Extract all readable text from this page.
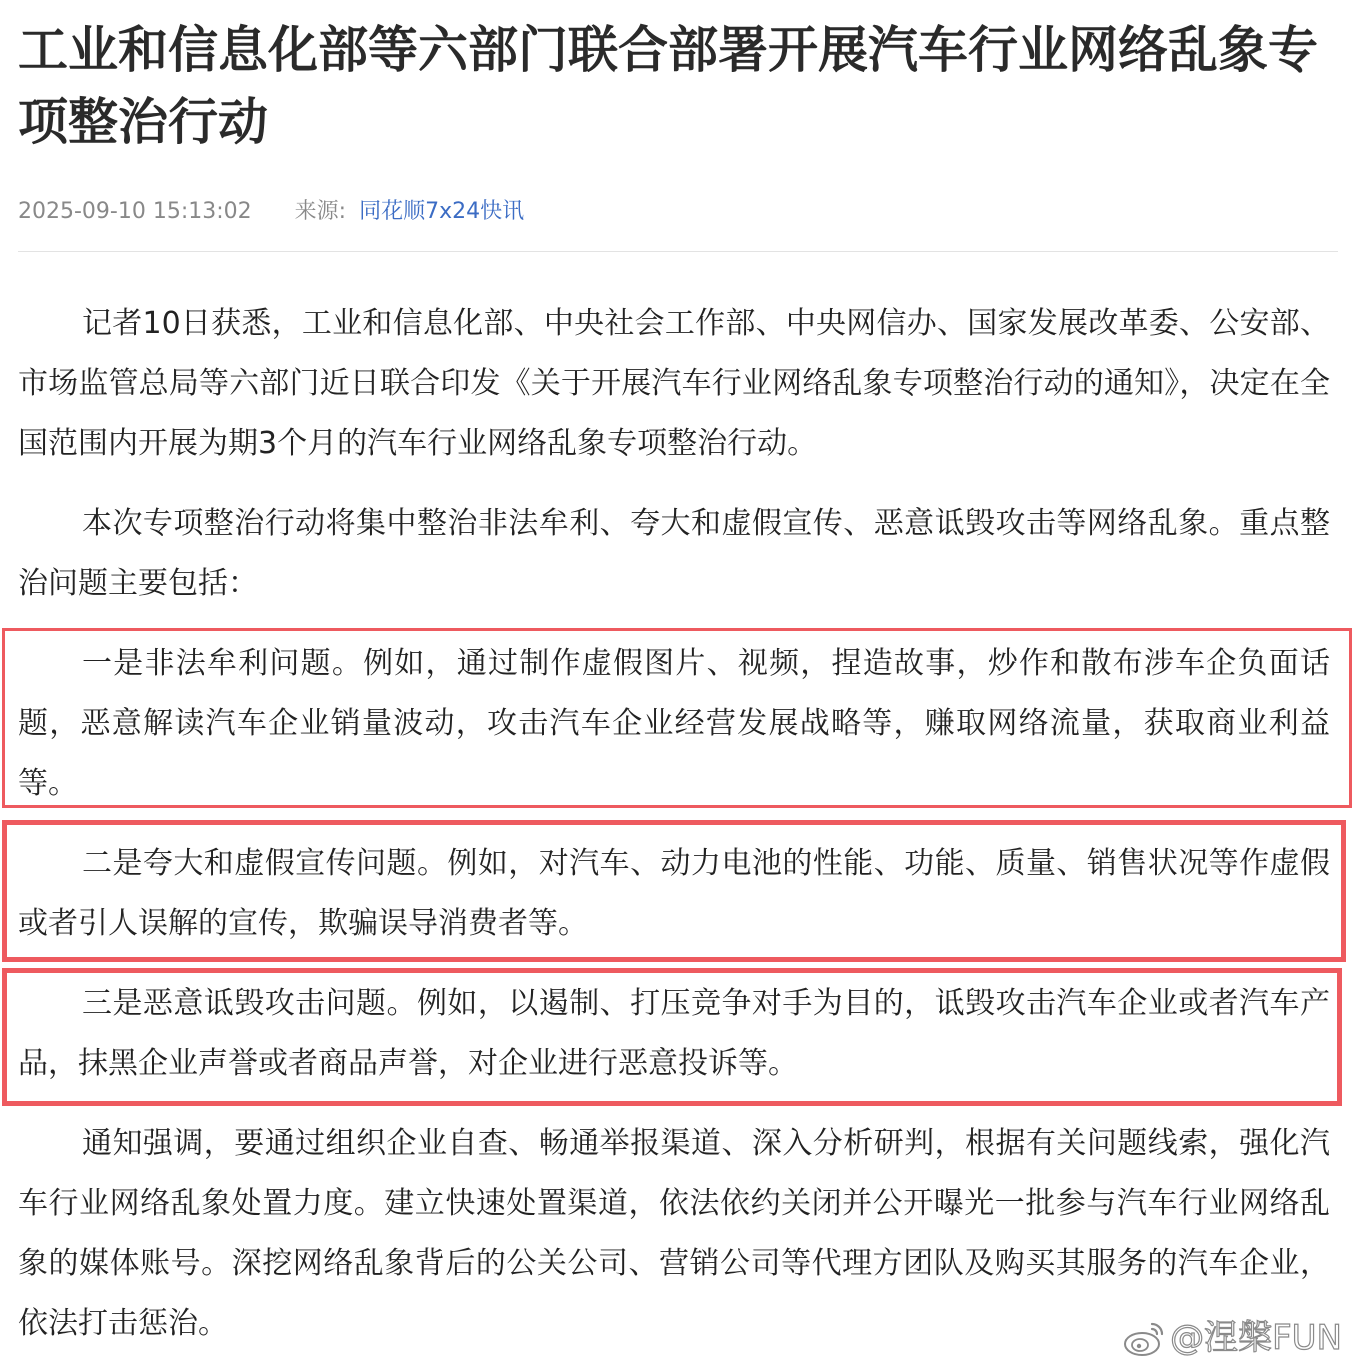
工业和信息化部等六部门联合部署开展汽车行业网络乱象专项整治行动
2025-09-10 15:13:02 来源: 同花顺7x24快讯

记者10日获悉，工业和信息化部、中央社会工作部、中央网信办、国家发展改革委、公安部、市场监管总局等六部门近日联合印发《关于开展汽车行业网络乱象专项整治行动的通知》，决定在全国范围内开展为期3个月的汽车行业网络乱象专项整治行动。

本次专项整治行动将集中整治非法牟利、夸大和虚假宣传、恶意诋毁攻击等网络乱象。重点整治问题主要包括：

一是非法牟利问题。例如，通过制作虚假图片、视频，捏造故事，炒作和散布涉车企负面话题，恶意解读汽车企业销量波动，攻击汽车企业经营发展战略等，赚取网络流量，获取商业利益等。

二是夸大和虚假宣传问题。例如，对汽车、动力电池的性能、功能、质量、销售状况等作虚假或者引人误解的宣传，欺骗误导消费者等。

三是恶意诋毁攻击问题。例如，以遏制、打压竞争对手为目的，诋毁攻击汽车企业或者汽车产品，抹黑企业声誉或者商品声誉，对企业进行恶意投诉等。

通知强调，要通过组织企业自查、畅通举报渠道、深入分析研判，根据有关问题线索，强化汽车行业网络乱象处置力度。建立快速处置渠道，依法依约关闭并公开曝光一批参与汽车行业网络乱象的媒体账号。深挖网络乱象背后的公关公司、营销公司等代理方团队及购买其服务的汽车企业，依法打击惩治。	@涅槃FUN
